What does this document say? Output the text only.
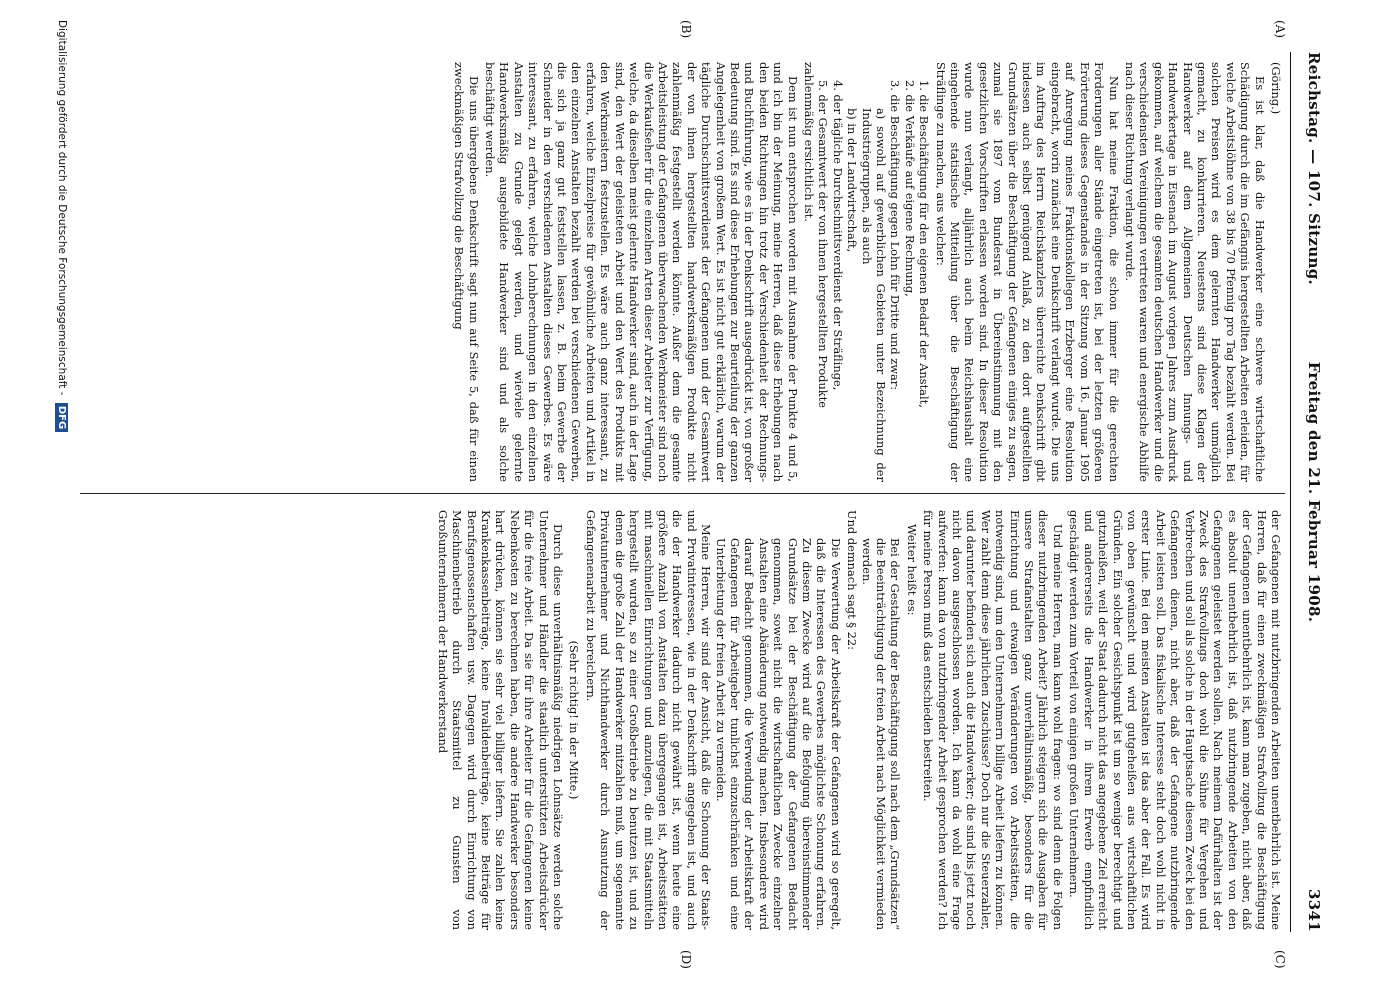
Reichstag. — 107. Sitzung.
Freitag den 21. Februar 1908.
3341
(A)
(B)
(C)
(D)

(Göring.)

Es ist klar, daß die Handwerker eine schwere wirtschaftliche Schädigung durch die im Gefängnis hergestellten Arbeiten erleiden, für welche Arbeitslöhne von 38 bis 70 Pfennig pro Tag bezahlt werden. Bei solchen Preisen wird es dem gelernten Handwerker unmöglich gemacht, zu konkurrieren. Neuestens sind diese Klagen der Handwerker auf dem Allgemeinen Deutschen Innungs- und Handwerkertage in Eisenach im August vorigen Jahres zum Ausdruck gekommen, auf welchem die gesamten deutschen Handwerker und die verschiedensten Vereinigungen vertreten waren und energische Abhilfe nach dieser Richtung verlangt wurde.

Nun hat meine Fraktion, die schon immer für die gerechten Forderungen aller Stände eingetreten ist, bei der letzten größeren Erörterung dieses Gegenstandes in der Sitzung vom 16. Januar 1905 auf Anregung meines Fraktionskollegen Erzberger eine Resolution eingebracht, worin zunächst eine Denkschrift verlangt wurde. Die uns im Auftrag des Herrn Reichskanzlers überreichte Denkschrift gibt indessen auch selbst genügend Anlaß, zu den dort aufgestellten Grundsätzen über die Beschäftigung der Gefangenen einiges zu sagen, zumal sie 1897 vom Bundesrat in Übereinstimmung mit den gesetzlichen Vorschriften erlassen worden sind. In dieser Resolution wurde nun verlangt, alljährlich auch beim Reichshaushalt eine eingehende statistische Mitteilung über die Beschäftigung der Sträflinge zu machen, aus welcher:

1. die Beschäftigung für den eigenen Bedarf der Anstalt,

2. die Verkäufe auf eigene Rechnung,

3. die Beschäftigung gegen Lohn für Dritte und zwar:

a) sowohl auf gewerblichen Gebieten unter Bezeichnung der Industriegruppen, als auch

b) in der Landwirtschaft,

4. der tägliche Durchschnittsverdienst der Sträflinge,

5. der Gesamtwert der von ihnen hergestellten Produkte

zahlenmäßig ersichtlich ist.

Dem ist nun entsprochen worden mit Ausnahme der Punkte 4 und 5, und ich bin der Meinung, meine Herren, daß diese Erhebungen nach den beiden Richtungen hin trotz der Verschiedenheit der Rechnungs- und Buchführung, wie es in der Denkschrift ausgedrückt ist, von großer Bedeutung sind. Es sind diese Erhebungen zur Beurteilung der ganzen Angelegenheit von großem Wert. Es ist nicht gut erklärlich, warum der tägliche Durchschnittsverdienst der Gefangenen und der Gesamtwert der von ihnen hergestellten handwerksmäßigen Produkte nicht zahlenmäßig festgestellt werden könnte. Außer dem die gesamte Arbeitsleistung der Gefangenen überwachenden Werkmeister sind noch die Werkaufseher für die einzelnen Arten dieser Arbeiter zur Verfügung, welche, da dieselben meist gelernte Handwerker sind, auch in der Lage sind, den Wert der geleisteten Arbeit und den Wert des Produkts mit den Werkmeistern festzustellen. Es wäre auch ganz interessant, zu erfahren, welche Einzelpreise für gewöhnliche Arbeiten und Artikel in den einzelnen Anstalten bezahlt werden bei verschiedenen Gewerben, die sich ja ganz gut feststellen lassen, z. B. beim Gewerbe der Schneider in den verschiedenen Anstalten dieses Gewerbes. Es wäre interessant, zu erfahren, welche Lohnberechnungen in den einzelnen Anstalten zu Grunde gelegt werden, und wieviele gelernte Handwerksmäßig ausgebildete Handwerker sind und als solche beschäftigt werden.

Die uns übergebene Denkschrift sagt nun auf Seite 5, daß für einen zweckmäßigen Strafvollzug die Beschäftigung

der Gefangenen mit nutzbringenden Arbeiten unentbehrlich ist. Meine Herren, daß für einen zweckmäßigen Strafvollzug die Beschäftigung der Gefangenen unentbehrlich ist, kann man zugeben, nicht aber, daß es absolut unentbehrlich ist, daß nutzbringende Arbeiten von den Gefangenen geleistet werden sollen. Nach meinem Dafürhalten ist der Zweck des Strafvollzugs doch wohl die Sühne für Vergehen und Verbrechen und soll als solche in der Hauptsache diesem Zweck bei den Gefangenen dienen, nicht aber, daß der Gefangene nutzbringende Arbeit leisten soll. Das fiskalische Interesse steht doch wohl nicht in erster Linie. Bei den meisten Anstalten ist das aber der Fall. Es wird von oben gewünscht und wird gutgeheißen aus wirtschaftlichen Gründen. Ein solcher Gesichtspunkt ist um so weniger berechtigt und gutzuheißen, weil der Staat dadurch nicht das angegebene Ziel erreicht und andererseits die Handwerker in ihrem Erwerb empfindlich geschädigt werden zum Vorteil von einigen großen Unternehmern.

Und meine Herren, man kann wohl fragen: wo sind denn die Folgen dieser nutzbringenden Arbeit? Jährlich steigern sich die Ausgaben für unsere Strafanstalten ganz unverhältnismäßig, besonders für die Einrichtung und etwaigen Veränderungen von Arbeitsstätten, die notwendig sind, um den Unternehmern billige Arbeit liefern zu können. Wer zahlt denn diese jährlichen Zuschüsse? Doch nur die Steuerzahler, und darunter befinden sich auch die Handwerker; die sind bis jetzt noch nicht davon ausgeschlossen worden. Ich kann da wohl eine Frage aufwerfen: kann da von nutzbringender Arbeit gesprochen werden? Ich für meine Person muß das entschieden bestreiten.

Weiter heißt es:

Bei der Gestaltung der Beschäftigung soll nach dem „Grundsätzen“ die Beeinträchtigung der freien Arbeit nach Möglichkeit vermieden werden.

Und demnach sagt § 22:

Die Verwertung der Arbeitskraft der Gefangenen wird so geregelt, daß die Interessen des Gewerbes möglichste Schonung erfahren. Zu diesem Zwecke wird auf die Befolgung übereinstimmender Grundsätze bei der Beschäftigung der Gefangenen Bedacht genommen, soweit nicht die wirtschaftlichen Zwecke einzelner Anstalten eine Abänderung notwendig machen. Insbesondere wird darauf Bedacht genommen, die Verwendung der Arbeitskraft der Gefangenen für Arbeitgeber tunlichst einzuschränken und eine Unterbietung der freien Arbeit zu vermeiden.

Meine Herren, wir sind der Ansicht, daß die Schonung der Staats- und Privatinteressen, wie in der Denkschrift angegeben ist, und auch die der Handwerker dadurch nicht gewährt ist, wenn heute eine größere Anzahl von Anstalten dazu übergegangen ist, Arbeitsstätten mit maschinellen Einrichtungen und anzulegen, die mit Staatsmitteln hergestellt wurden, so zu einer Großbetriebe zu benutzen ist, und zu denen die große Zahl der Handwerker mitzahlen muß, um sogenannte Privatunternehmer und Nichthandwerker durch Ausnutzung der Gefangenenarbeit zu bereichern.

(Sehr richtig! in der Mitte.)

Durch diese unverhältnismäßig niedrigen Lohnsätze werden solche Unternehmer und Händler die staatlich unterstützten Arbeitsdrücker für die freie Arbeit. Da sie für ihre Arbeiter für die Gefangenen keine Nebenkosten zu berechnen haben, die andere Handwerker besonders hart drücken, können sie sehr viel billiger liefern. Sie zahlen keine Krankenkassenbeiträge, keine Invalidenbeiträge, keine Beiträge für Berufsgenossenschaften usw. Dagegen wird durch Einrichtung von Maschinenbetrieb durch Staatsmittel zu Gunsten von Großunternehmern der Handwerkerstand

Digitalisierung gefördert durch die Deutsche Forschungsgemeinschaft - DFG
